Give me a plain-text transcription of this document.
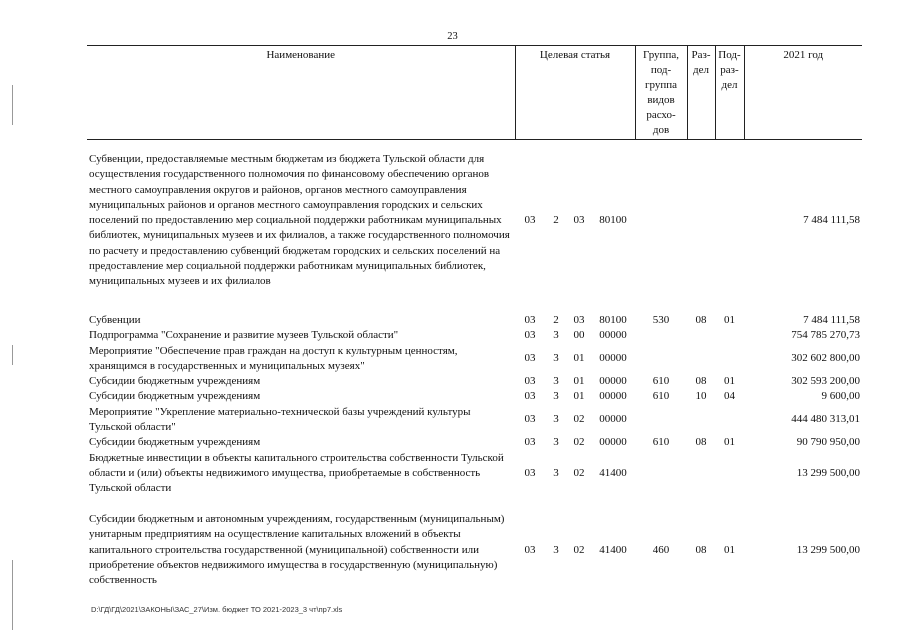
23
Наименование	Целевая статья	Группа,
под-
группа
видов
расхо-
дов	Раз-
дел	Под-
раз-
дел	2021 год
Субвенции, предоставляемые местным бюджетам из бюджета Тульской области для осуществления государственного полномочия по финансовому обеспечению органов местного самоуправления округов и районов, органов местного самоуправления муниципальных районов и органов местного самоуправления городских и сельских поселений по предоставлению мер социальной поддержки работникам муниципальных библиотек, муниципальных музеев и их филиалов, а также государственного полномочия по расчету и предоставлению субвенций бюджетам городских и сельских поселений на предоставление мер социальной поддержки работникам муниципальных библиотек, муниципальных музеев и их филиалов	03	2	03	80100				7 484 111,58
Субвенции	03	2	03	80100	530	08	01	7 484 111,58
Подпрограмма "Сохранение и развитие музеев Тульской области"	03	3	00	00000				754 785 270,73
Мероприятие "Обеспечение прав граждан на доступ к культурным ценностям, хранящимся в государственных и муниципальных музеях"	03	3	01	00000				302 602 800,00
Субсидии бюджетным учреждениям	03	3	01	00000	610	08	01	302 593 200,00
Субсидии бюджетным учреждениям	03	3	01	00000	610	10	04	9 600,00
Мероприятие "Укрепление материально-технической базы учреждений культуры Тульской области"	03	3	02	00000				444 480 313,01
Субсидии бюджетным учреждениям	03	3	02	00000	610	08	01	90 790 950,00
Бюджетные инвестиции в объекты капитального строительства собственности Тульской области и (или) объекты недвижимого имущества, приобретаемые в собственность Тульской области	03	3	02	41400				13 299 500,00
Субсидии бюджетным и автономным учреждениям, государственным (муниципальным) унитарным предприятиям на осуществление капитальных вложений в объекты капитального строительства государственной (муниципальной) собственности или приобретение объектов недвижимого имущества в государственную (муниципальную) собственность	03	3	02	41400	460	08	01	13 299 500,00
D:\ГД\ГД\2021\ЗАКОНЫ\ЗАС_27\Изм. бюджет ТО 2021-2023_3 чт\пр7.xls
